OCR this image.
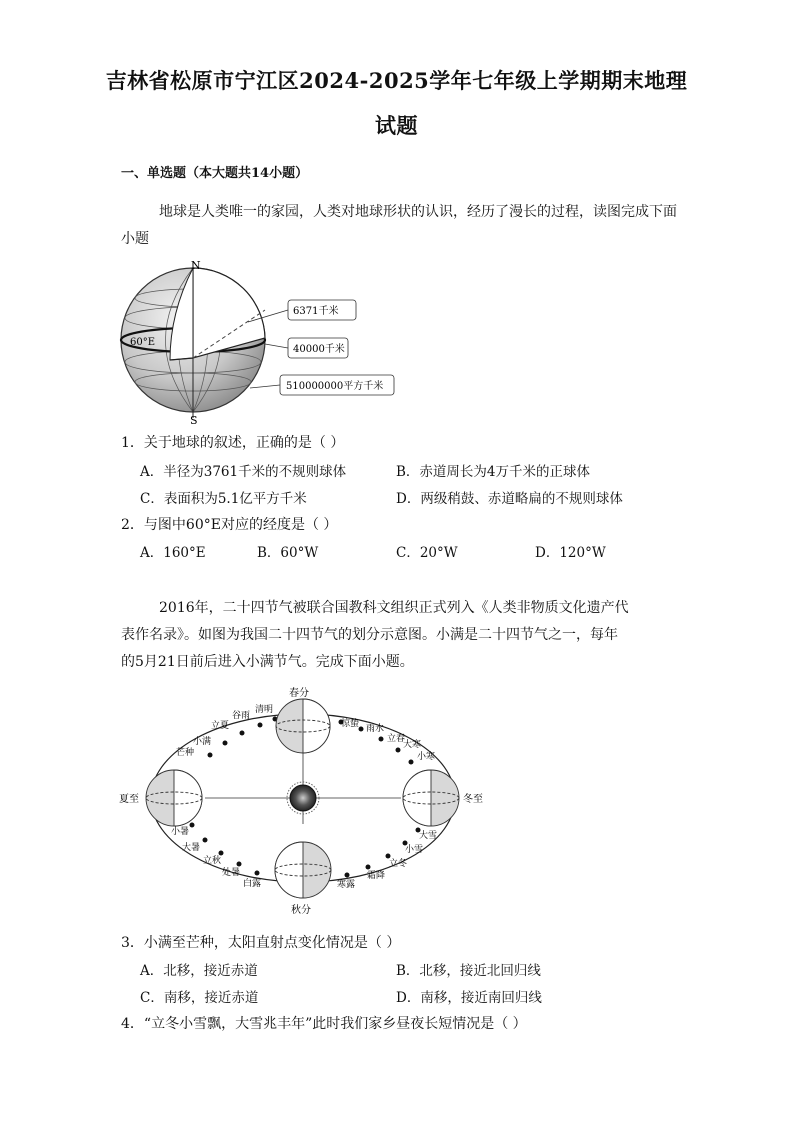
吉林省松原市宁江区2024-2025学年七年级上学期期末地理
试题
一、单选题（本大题共14小题）
地球是人类唯一的家园，人类对地球形状的认识，经历了漫长的过程，读图完成下面小题
N
S
60°E
6371千米
40000千米
510000000平方千米
1．关于地球的叙述，正确的是（ ）
A．半径为3761千米的不规则球体	B．赤道周长为4万千米的正球体
C．表面积为5.1亿平方千米	D．两级稍鼓、赤道略扁的不规则球体
2．与图中60°E对应的经度是（ ）
A．160°E	B．60°W	C．20°W	D．120°W
2016年，二十四节气被联合国教科文组织正式列入《人类非物质文化遗产代
表作名录》。如图为我国二十四节气的划分示意图。小满是二十四节气之一，每年
的5月21日前后进入小满节气。完成下面小题。
春分
夏至
秋分
冬至
清明
谷雨
立夏
小满
芒种
惊蛰 雨水
立春
大寒
小寒
小暑
大暑
立秋
处暑
白露
大雪
小雪
立冬
霜降
寒露
3．小满至芒种，太阳直射点变化情况是（ ）
A．北移，接近赤道	B．北移，接近北回归线
C．南移，接近赤道	D．南移，接近南回归线
4．“立冬小雪飘，大雪兆丰年”此时我们家乡昼夜长短情况是（ ）
